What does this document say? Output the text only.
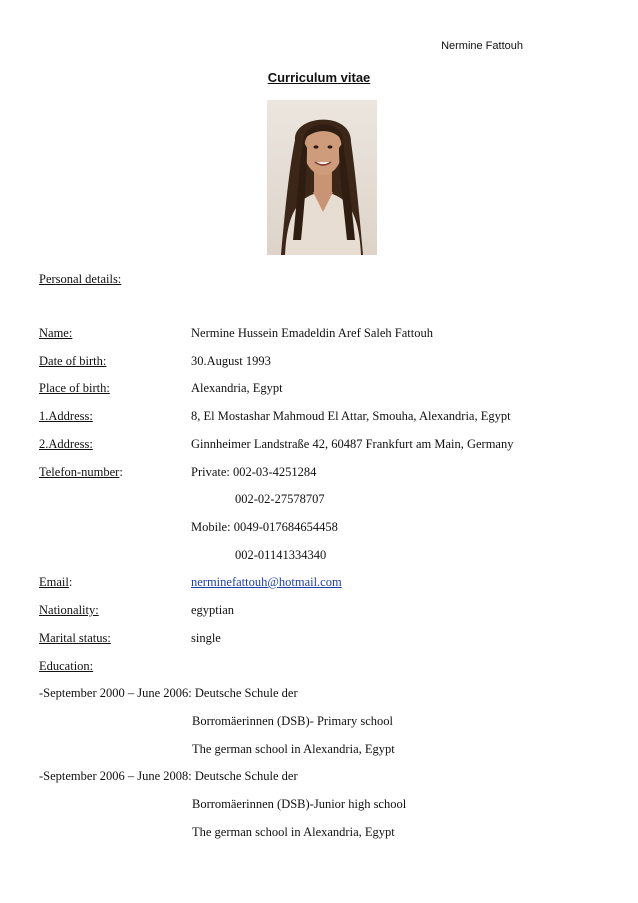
Nermine Fattouh
Curriculum vitae
Personal details:
Name:	Nermine Hussein Emadeldin Aref Saleh Fattouh
Date of birth:	30.August 1993
Place of birth:	Alexandria, Egypt
1.Address:	8, El Mostashar Mahmoud El Attar, Smouha, Alexandria, Egypt
2.Address:	Ginnheimer Landstraße 42, 60487 Frankfurt am Main, Germany
Telefon-number:	Private: 002-03-4251284
002-02-27578707
Mobile: 0049-017684654458
002-01141334340
Email:	nerminefattouh@hotmail.com
Nationality:	egyptian
Marital status:	single
Education:
-September 2000 – June 2006: Deutsche Schule der
Borromäerinnen (DSB)- Primary school
The german school in Alexandria, Egypt
-September 2006 – June 2008: Deutsche Schule der
Borromäerinnen (DSB)-Junior high school
The german school in Alexandria, Egypt
